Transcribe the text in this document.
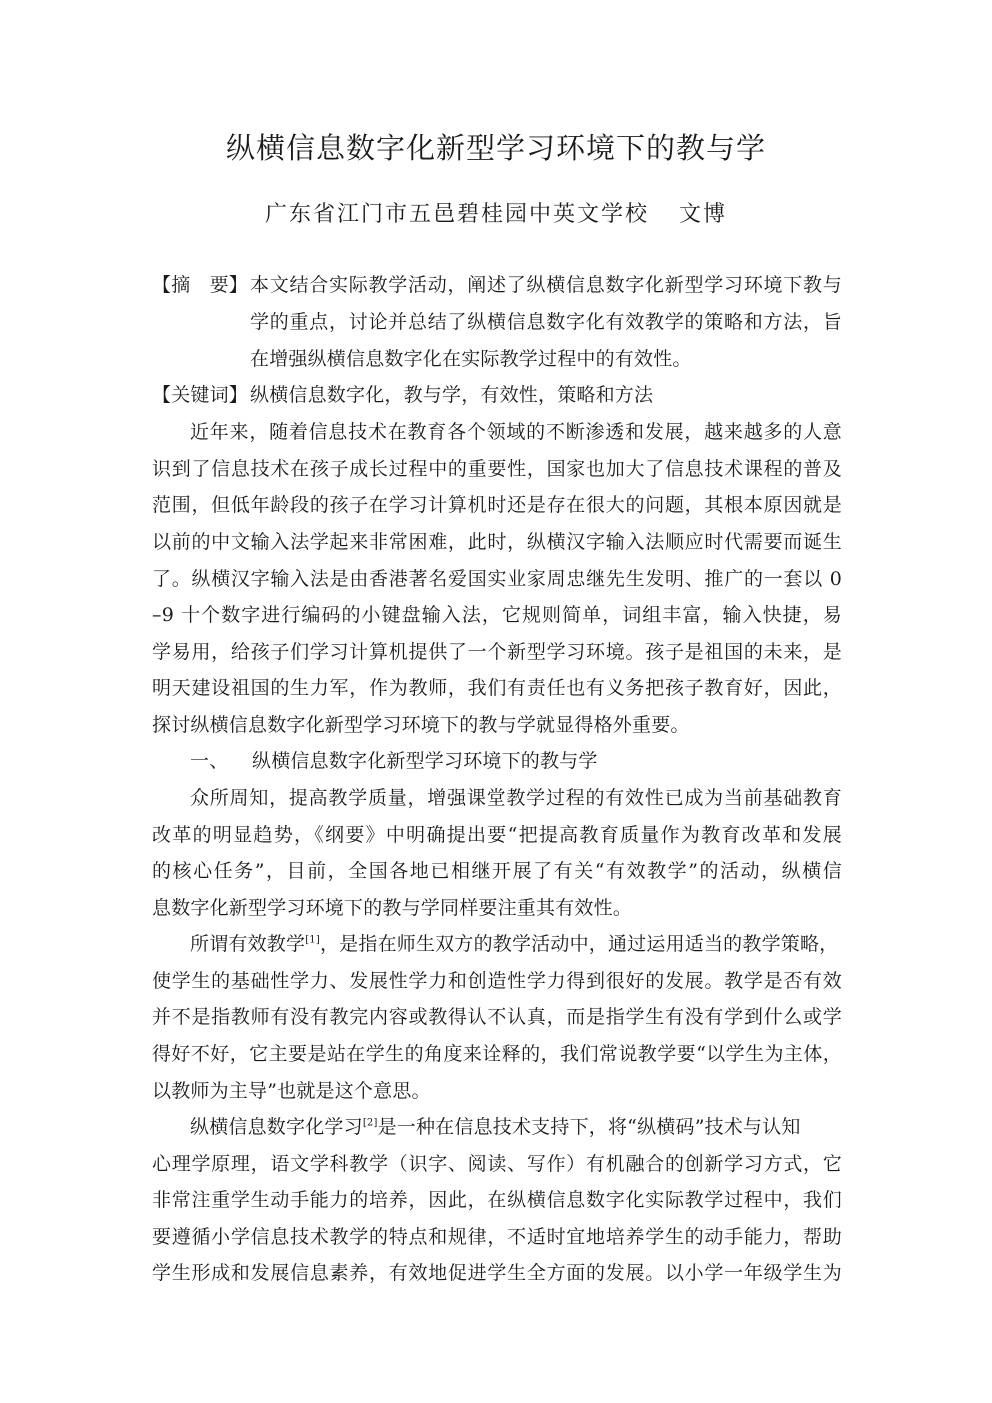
纵横信息数字化新型学习环境下的教与学
广东省江门市五邑碧桂园中英文学校 文博
【摘　要】 本文结合实际教学活动，阐述了纵横信息数字化新型学习环境下教与
学的重点，讨论并总结了纵横信息数字化有效教学的策略和方法，旨
在增强纵横信息数字化在实际教学过程中的有效性。
【关键词】 纵横信息数字化，教与学，有效性，策略和方法
近年来，随着信息技术在教育各个领域的不断渗透和发展，越来越多的人意
识到了信息技术在孩子成长过程中的重要性，国家也加大了信息技术课程的普及
范围，但低年龄段的孩子在学习计算机时还是存在很大的问题，其根本原因就是
以前的中文输入法学起来非常困难，此时，纵横汉字输入法顺应时代需要而诞生
了。纵横汉字输入法是由香港著名爱国实业家周忠继先生发明、推广的一套以 0
–9 十个数字进行编码的小键盘输入法，它规则简单，词组丰富，输入快捷，易
学易用，给孩子们学习计算机提供了一个新型学习环境。孩子是祖国的未来，是
明天建设祖国的生力军，作为教师，我们有责任也有义务把孩子教育好，因此，
探讨纵横信息数字化新型学习环境下的教与学就显得格外重要。
一、 纵横信息数字化新型学习环境下的教与学
众所周知，提高教学质量，增强课堂教学过程的有效性已成为当前基础教育
改革的明显趋势，《纲要》中明确提出要“把提高教育质量作为教育改革和发展
的核心任务”，目前，全国各地已相继开展了有关“有效教学”的活动，纵横信
息数字化新型学习环境下的教与学同样要注重其有效性。
所谓有效教学[1]，是指在师生双方的教学活动中，通过运用适当的教学策略，
使学生的基础性学力、发展性学力和创造性学力得到很好的发展。教学是否有效
并不是指教师有没有教完内容或教得认不认真，而是指学生有没有学到什么或学
得好不好，它主要是站在学生的角度来诠释的，我们常说教学要“以学生为主体，
以教师为主导”也就是这个意思。
纵横信息数字化学习[2]是一种在信息技术支持下，将“纵横码”技术与认知
心理学原理，语文学科教学（识字、阅读、写作）有机融合的创新学习方式，它
非常注重学生动手能力的培养，因此，在纵横信息数字化实际教学过程中，我们
要遵循小学信息技术教学的特点和规律，不适时宜地培养学生的动手能力，帮助
学生形成和发展信息素养，有效地促进学生全方面的发展。以小学一年级学生为
